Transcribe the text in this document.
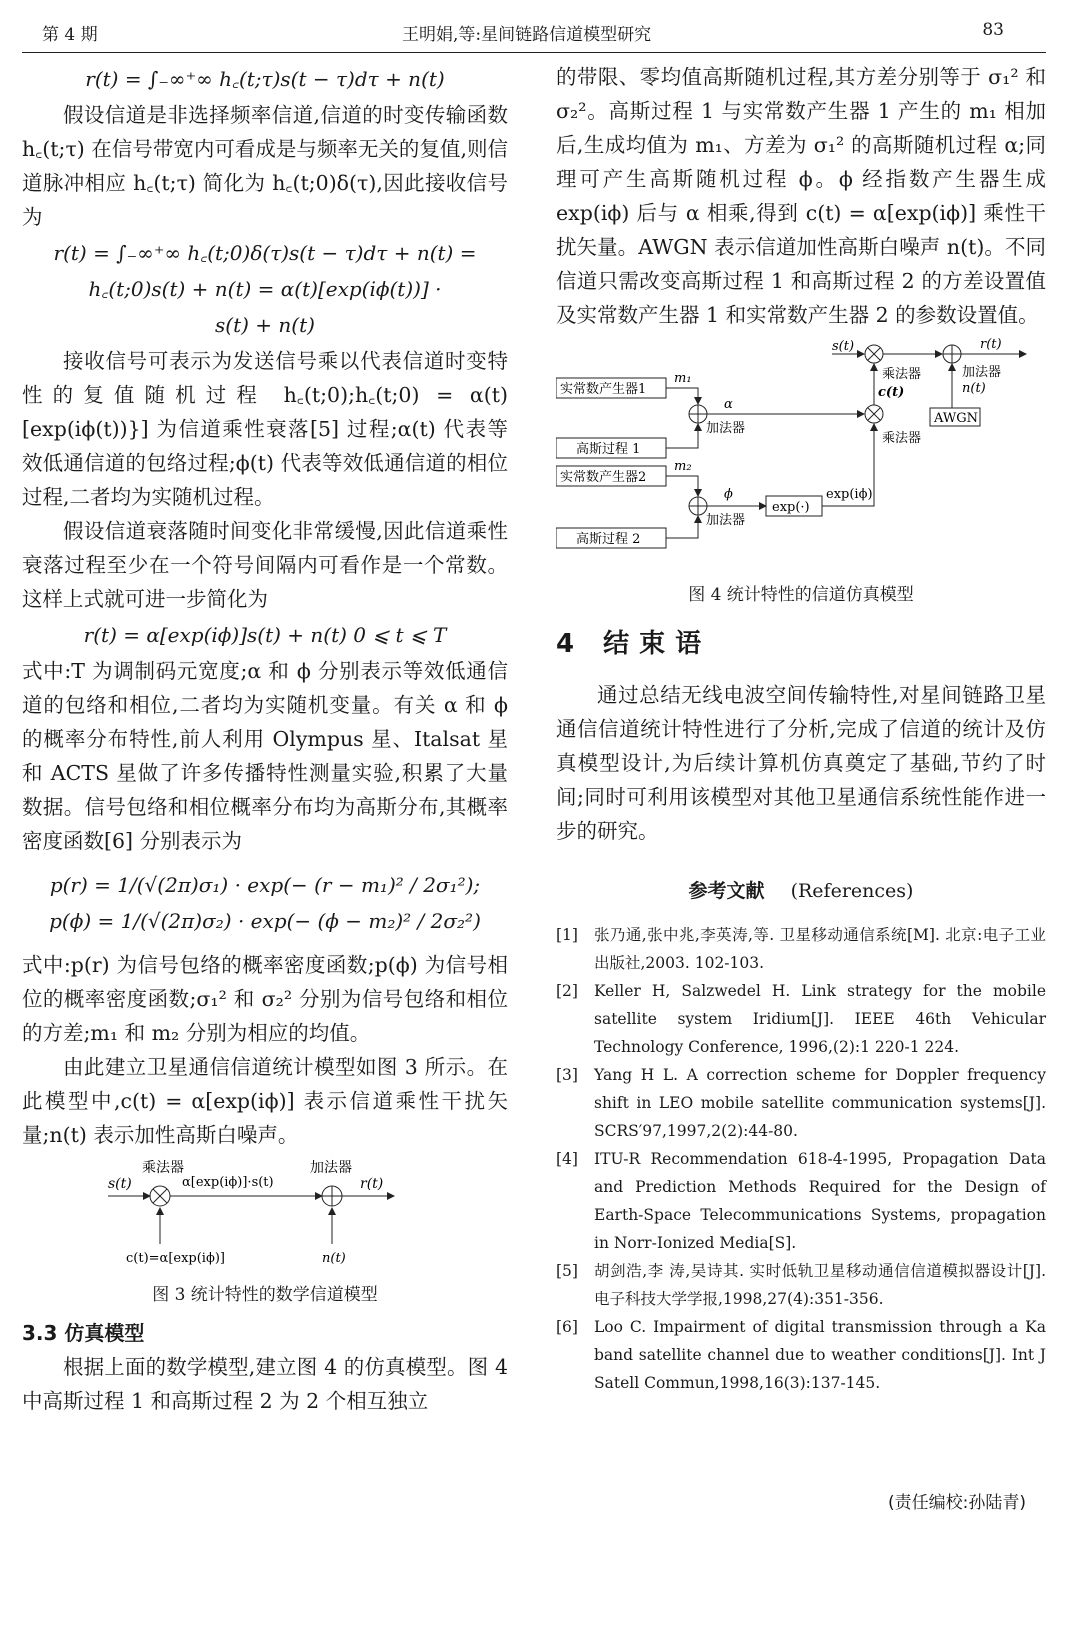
第 4 期	王明娟,等:星间链路信道模型研究	83
r(t) = ∫₋∞⁺∞ h꜀(t;τ)s(t − τ)dτ + n(t)

假设信道是非选择频率信道,信道的时变传输函数 h꜀(t;τ) 在信号带宽内可看成是与频率无关的复值,则信道脉冲相应 h꜀(t;τ) 简化为 h꜀(t;0)δ(τ),因此接收信号为

r(t) = ∫₋∞⁺∞ h꜀(t;0)δ(τ)s(t − τ)dτ + n(t) =
h꜀(t;0)s(t) + n(t) = α(t)[exp(iϕ(t))] ·
s(t) + n(t)

接收信号可表示为发送信号乘以代表信道时变特性的复值随机过程 h꜀(t;0);h꜀(t;0) = α(t)[exp(iϕ(t))}] 为信道乘性衰落[5] 过程;α(t) 代表等效低通信道的包络过程;ϕ(t) 代表等效低通信道的相位过程,二者均为实随机过程。

假设信道衰落随时间变化非常缓慢,因此信道乘性衰落过程至少在一个符号间隔内可看作是一个常数。这样上式就可进一步简化为

r(t) = α[exp(iϕ)]s(t) + n(t) 0 ⩽ t ⩽ T

式中:T 为调制码元宽度;α 和 ϕ 分别表示等效低通信道的包络和相位,二者均为实随机变量。有关 α 和 ϕ 的概率分布特性,前人利用 Olympus 星、Italsat 星和 ACTS 星做了许多传播特性测量实验,积累了大量数据。信号包络和相位概率分布均为高斯分布,其概率密度函数[6] 分别表示为

p(r) = 1/(√(2π)σ₁) · exp(− (r − m₁)² / 2σ₁²);
p(ϕ) = 1/(√(2π)σ₂) · exp(− (ϕ − m₂)² / 2σ₂²)

式中:p(r) 为信号包络的概率密度函数;p(ϕ) 为信号相位的概率密度函数;σ₁² 和 σ₂² 分别为信号包络和相位的方差;m₁ 和 m₂ 分别为相应的均值。

由此建立卫星通信信道统计模型如图 3 所示。在此模型中,c(t) = α[exp(iϕ)] 表示信道乘性干扰矢量;n(t) 表示加性高斯白噪声。

乘法器	加法器
s(t)	α[exp(iϕ)]·s(t)	r(t)
c(t)=α[exp(iϕ)]	n(t)
图 3 统计特性的数学信道模型
3.3 仿真模型

根据上面的数学模型,建立图 4 的仿真模型。图 4 中高斯过程 1 和高斯过程 2 为 2 个相互独立

的带限、零均值高斯随机过程,其方差分别等于 σ₁² 和 σ₂²。高斯过程 1 与实常数产生器 1 产生的 m₁ 相加后,生成均值为 m₁、方差为 σ₁² 的高斯随机过程 α;同理可产生高斯随机过程 ϕ。ϕ 经指数产生器生成 exp(iϕ) 后与 α 相乘,得到 c(t) = α[exp(iϕ)] 乘性干扰矢量。AWGN 表示信道加性高斯白噪声 n(t)。不同信道只需改变高斯过程 1 和高斯过程 2 的方差设置值及实常数产生器 1 和实常数产生器 2 的参数设置值。

实常数产生器1
高斯过程 1
实常数产生器2
高斯过程 2
m₁
加法器
α
m₂
加法器
ϕ
exp(·)
exp(iϕ)
乘法器
c(t)
s(t)
乘法器
r(t)
加法器
n(t)
AWGN
图 4 统计特性的信道仿真模型
4 结束语

通过总结无线电波空间传输特性,对星间链路卫星通信信道统计特性进行了分析,完成了信道的统计及仿真模型设计,为后续计算机仿真奠定了基础,节约了时间;同时可利用该模型对其他卫星通信系统性能作进一步的研究。

参考文献 (References)
[1]	张乃通,张中兆,李英涛,等. 卫星移动通信系统[M]. 北京:电子工业出版社,2003. 102-103.
[2]	Keller H, Salzwedel H. Link strategy for the mobile satellite system Iridium[J]. IEEE 46th Vehicular Technology Conference, 1996,(2):1 220-1 224.
[3]	Yang H L. A correction scheme for Doppler frequency shift in LEO mobile satellite communication systems[J]. SCRS′97,1997,2(2):44-80.
[4]	ITU-R Recommendation 618-4-1995, Propagation Data and Prediction Methods Required for the Design of Earth-Space Telecommunications Systems, propagation in Norr-Ionized Media[S].
[5]	胡剑浩,李 涛,吴诗其. 实时低轨卫星移动通信信道模拟器设计[J]. 电子科技大学学报,1998,27(4):351-356.
[6]	Loo C. Impairment of digital transmission through a Ka band satellite channel due to weather conditions[J]. Int J Satell Commun,1998,16(3):137-145.
(责任编校:孙陆青)
